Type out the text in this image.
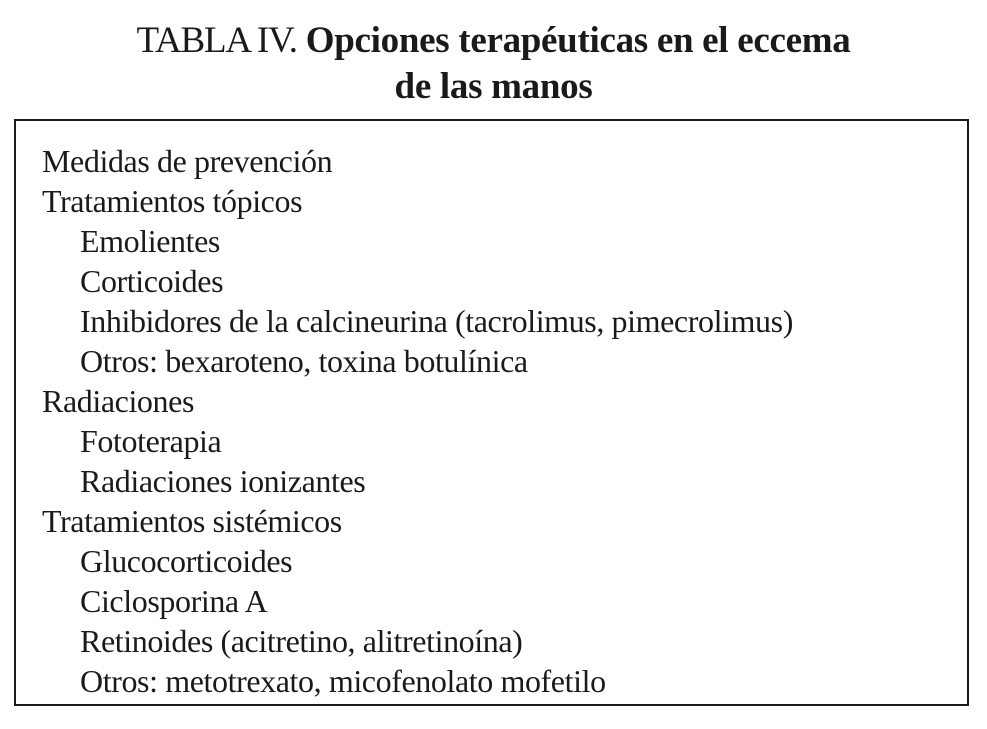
TABLA IV. Opciones terapéuticas en el eccema
de las manos
Medidas de prevención
Tratamientos tópicos
Emolientes
Corticoides
Inhibidores de la calcineurina (tacrolimus, pimecrolimus)
Otros: bexaroteno, toxina botulínica
Radiaciones
Fototerapia
Radiaciones ionizantes
Tratamientos sistémicos
Glucocorticoides
Ciclosporina A
Retinoides (acitretino, alitretinoína)
Otros: metotrexato, micofenolato mofetilo
